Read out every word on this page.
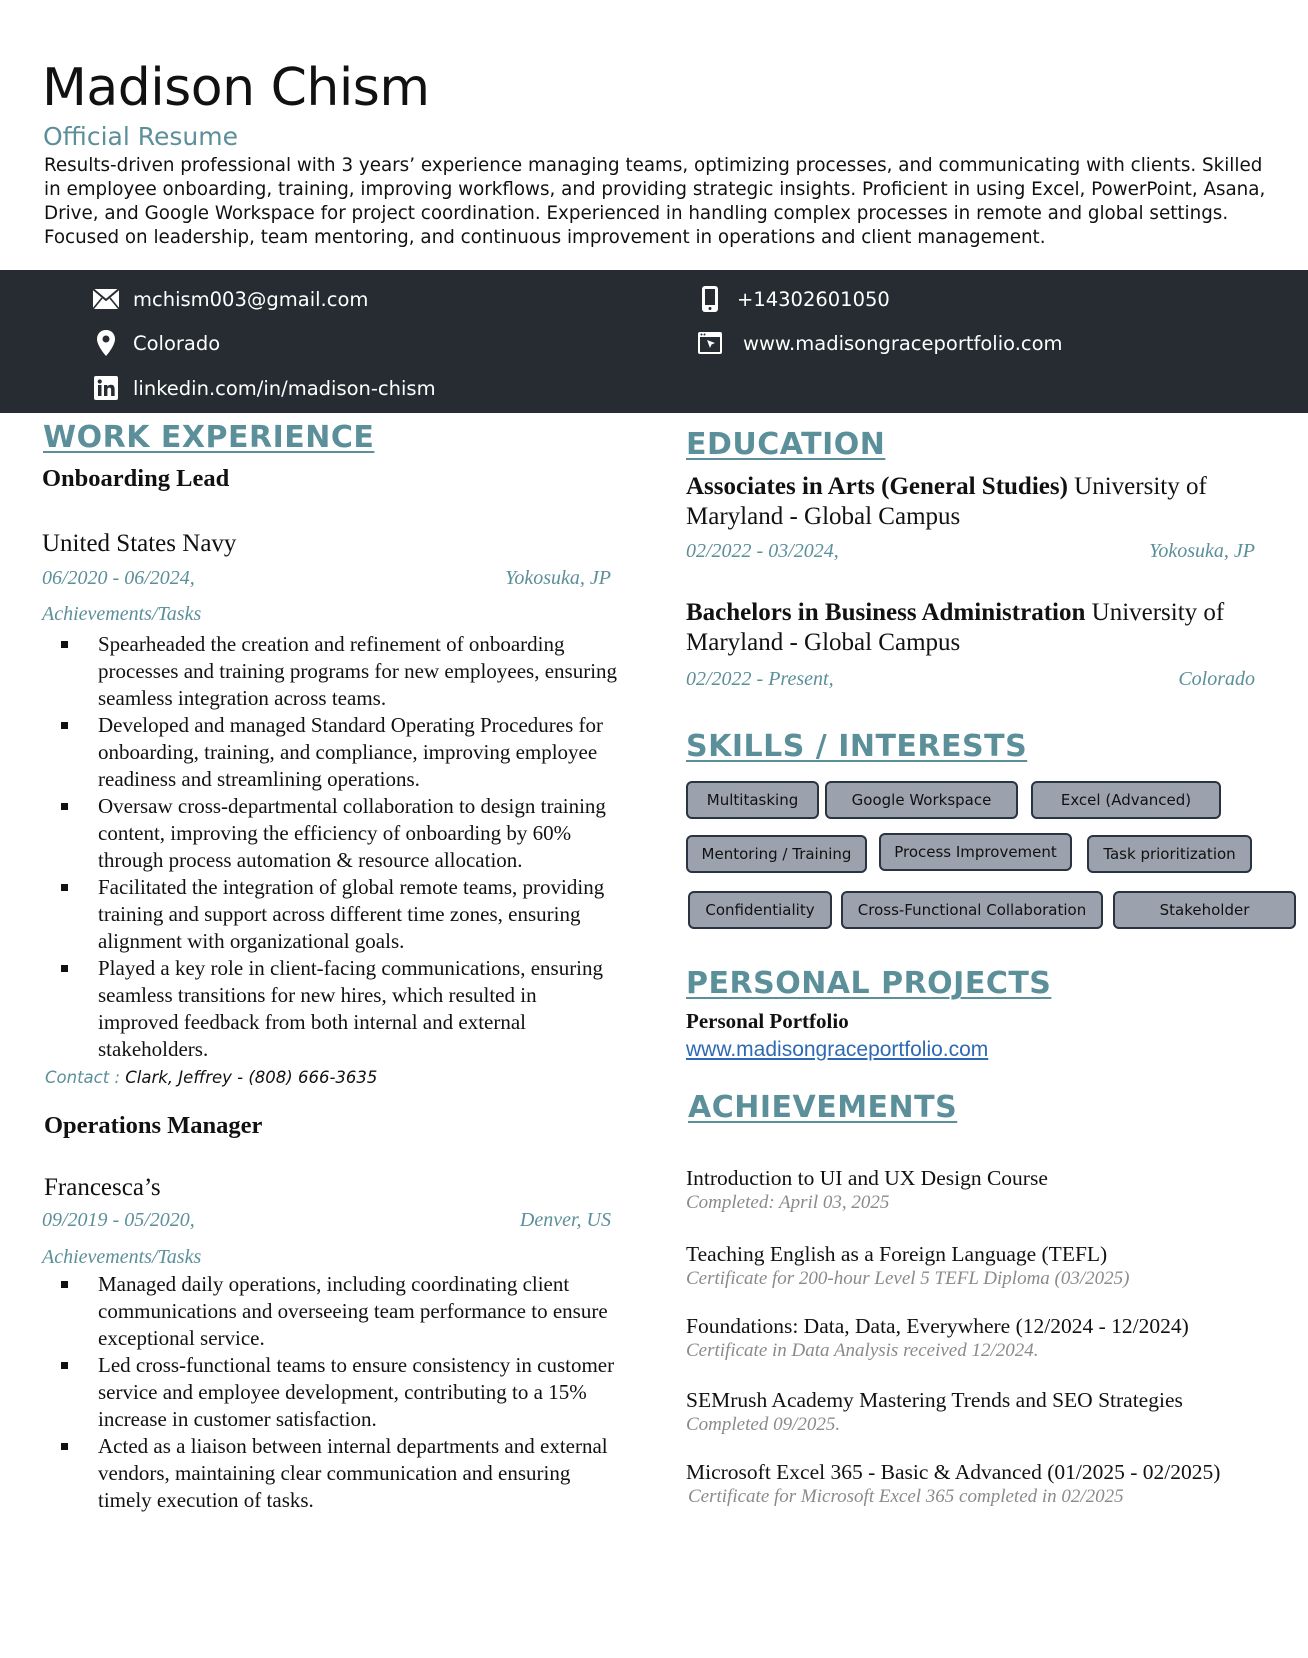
Madison Chism
Official Resume

Results-driven professional with 3 years’ experience managing teams, optimizing processes, and communicating with clients. Skilled in employee onboarding, training, improving workflows, and providing strategic insights. Proficient in using Excel, PowerPoint, Asana, Drive, and Google Workspace for project coordination. Experienced in handling complex processes in remote and global settings. Focused on leadership, team mentoring, and continuous improvement in operations and client management.

mchism003@gmail.com
Colorado
linkedin.com/in/madison-chism
+14302601050
www.madisongraceportfolio.com
WORK EXPERIENCE
Onboarding Lead
United States Navy
06/2020 - 06/2024,	Yokosuka, JP
Achievements/Tasks
Spearheaded the creation and refinement of onboarding processes and training programs for new employees, ensuring seamless integration across teams.
Developed and managed Standard Operating Procedures for onboarding, training, and compliance, improving employee readiness and streamlining operations.
Oversaw cross-departmental collaboration to design training content, improving the efficiency of onboarding by 60% through process automation & resource allocation.
Facilitated the integration of global remote teams, providing training and support across different time zones, ensuring alignment with organizational goals.
Played a key role in client-facing communications, ensuring seamless transitions for new hires, which resulted in improved feedback from both internal and external stakeholders.
Contact : Clark, Jeffrey - (808) 666-3635
Operations Manager
Francesca’s
09/2019 - 05/2020,	Denver, US
Achievements/Tasks
Managed daily operations, including coordinating client communications and overseeing team performance to ensure exceptional service.
Led cross-functional teams to ensure consistency in customer service and employee development, contributing to a 15% increase in customer satisfaction.
Acted as a liaison between internal departments and external vendors, maintaining clear communication and ensuring timely execution of tasks.
EDUCATION
Associates in Arts (General Studies) University of Maryland - Global Campus
02/2022 - 03/2024,	Yokosuka, JP
Bachelors in Business Administration University of Maryland - Global Campus
02/2022 - Present,	Colorado
SKILLS / INTERESTS
Multitasking	Google Workspace	Excel (Advanced)
Mentoring / Training	Process Improvement	Task prioritization
Confidentiality	Cross-Functional Collaboration	Stakeholder
PERSONAL PROJECTS
Personal Portfolio
www.madisongraceportfolio.com
ACHIEVEMENTS
Introduction to UI and UX Design Course
Completed: April 03, 2025
Teaching English as a Foreign Language (TEFL)
Certificate for 200-hour Level 5 TEFL Diploma (03/2025)
Foundations: Data, Data, Everywhere (12/2024 - 12/2024)
Certificate in Data Analysis received 12/2024.
SEMrush Academy Mastering Trends and SEO Strategies
Completed 09/2025.
Microsoft Excel 365 - Basic & Advanced (01/2025 - 02/2025)
Certificate for Microsoft Excel 365 completed in 02/2025
